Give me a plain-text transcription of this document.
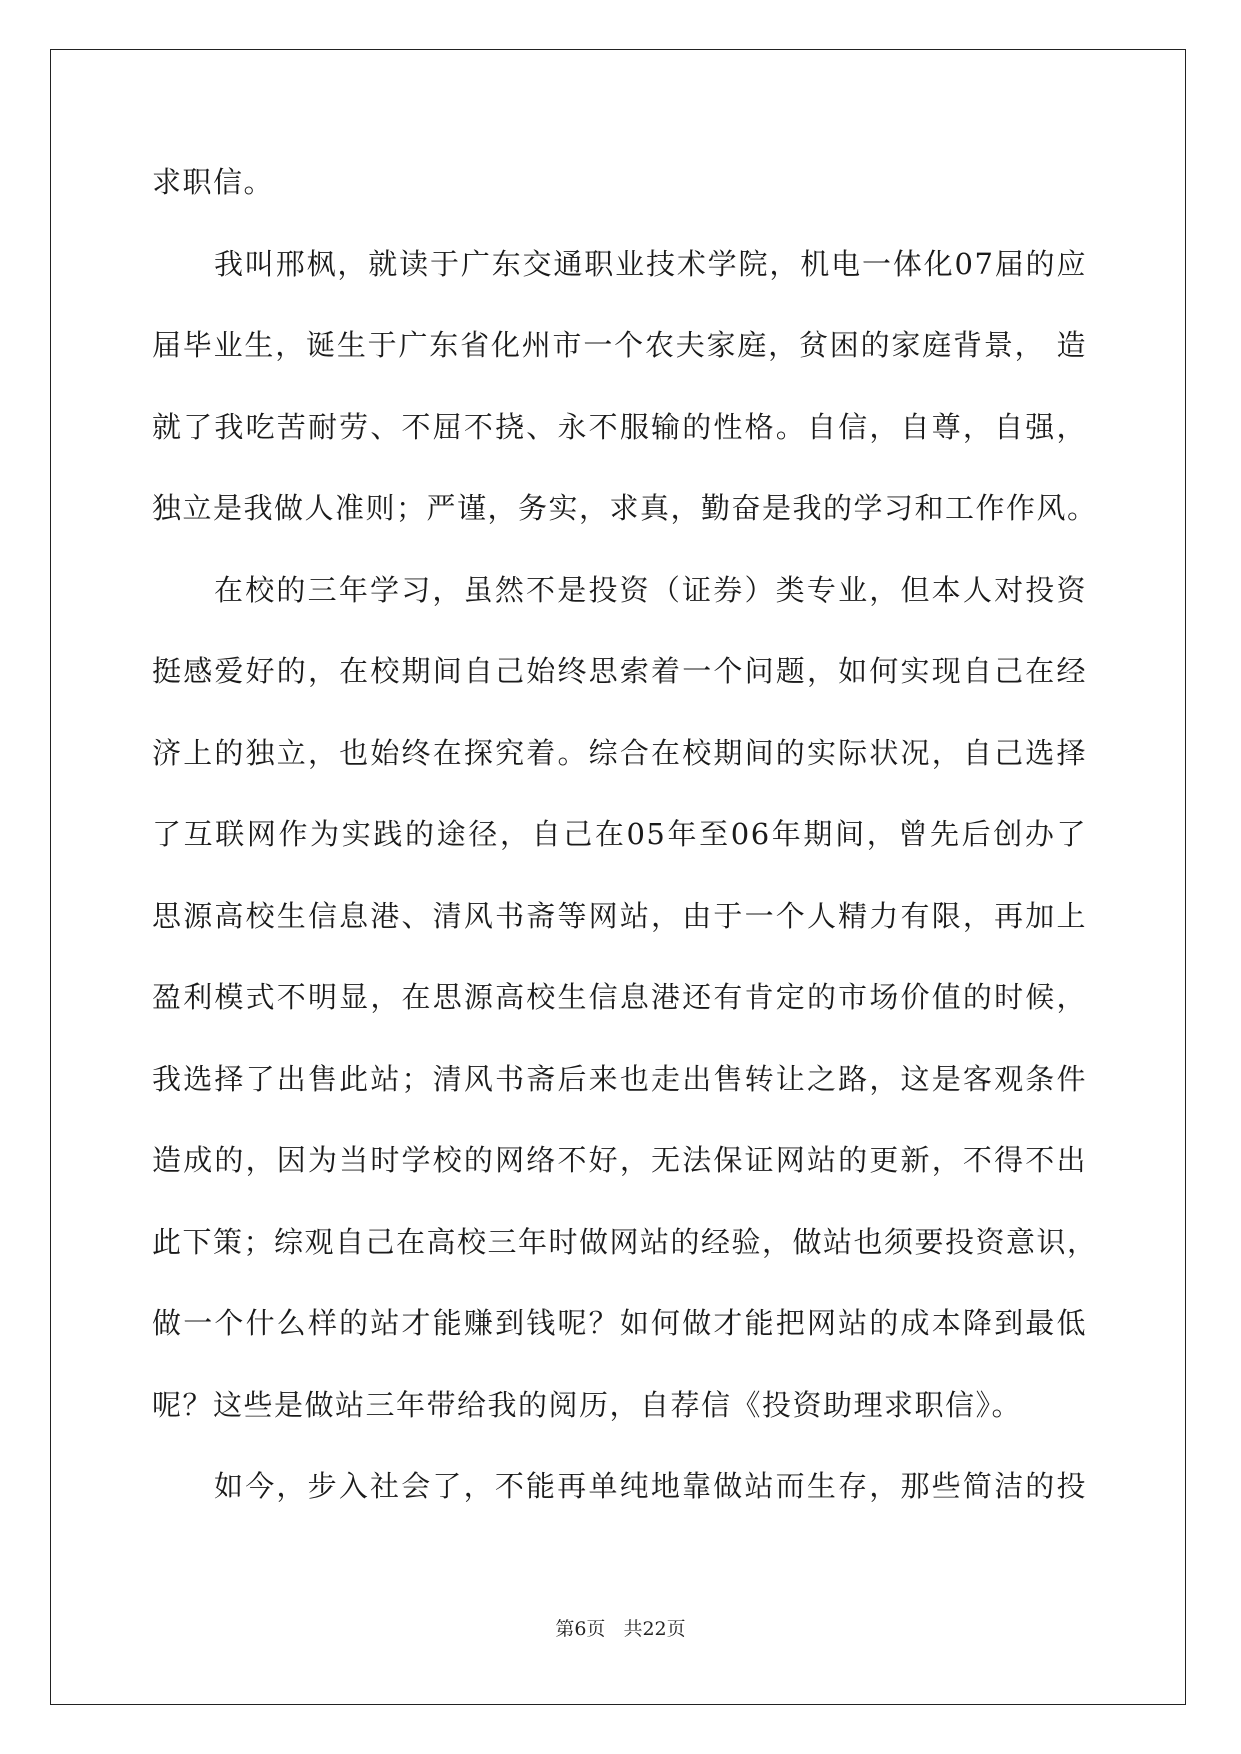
求职信。
我叫邢枫，就读于广东交通职业技术学院，机电一体化07届的应
届毕业生，诞生于广东省化州市一个农夫家庭，贫困的家庭背景， 造
就了我吃苦耐劳、不屈不挠、永不服输的性格。自信，自尊，自强，
独立是我做人准则；严谨，务实，求真，勤奋是我的学习和工作作风。
在校的三年学习，虽然不是投资（证券）类专业，但本人对投资
挺感爱好的，在校期间自己始终思索着一个问题，如何实现自己在经
济上的独立，也始终在探究着。综合在校期间的实际状况，自己选择
了互联网作为实践的途径，自己在05年至06年期间，曾先后创办了
思源高校生信息港、清风书斋等网站，由于一个人精力有限，再加上
盈利模式不明显，在思源高校生信息港还有肯定的市场价值的时候，
我选择了出售此站；清风书斋后来也走出售转让之路，这是客观条件
造成的，因为当时学校的网络不好，无法保证网站的更新，不得不出
此下策；综观自己在高校三年时做网站的经验，做站也须要投资意识，
做一个什么样的站才能赚到钱呢？如何做才能把网站的成本降到最低
呢？这些是做站三年带给我的阅历，自荐信《投资助理求职信》。
如今，步入社会了，不能再单纯地靠做站而生存，那些简洁的投
第6页 共22页
